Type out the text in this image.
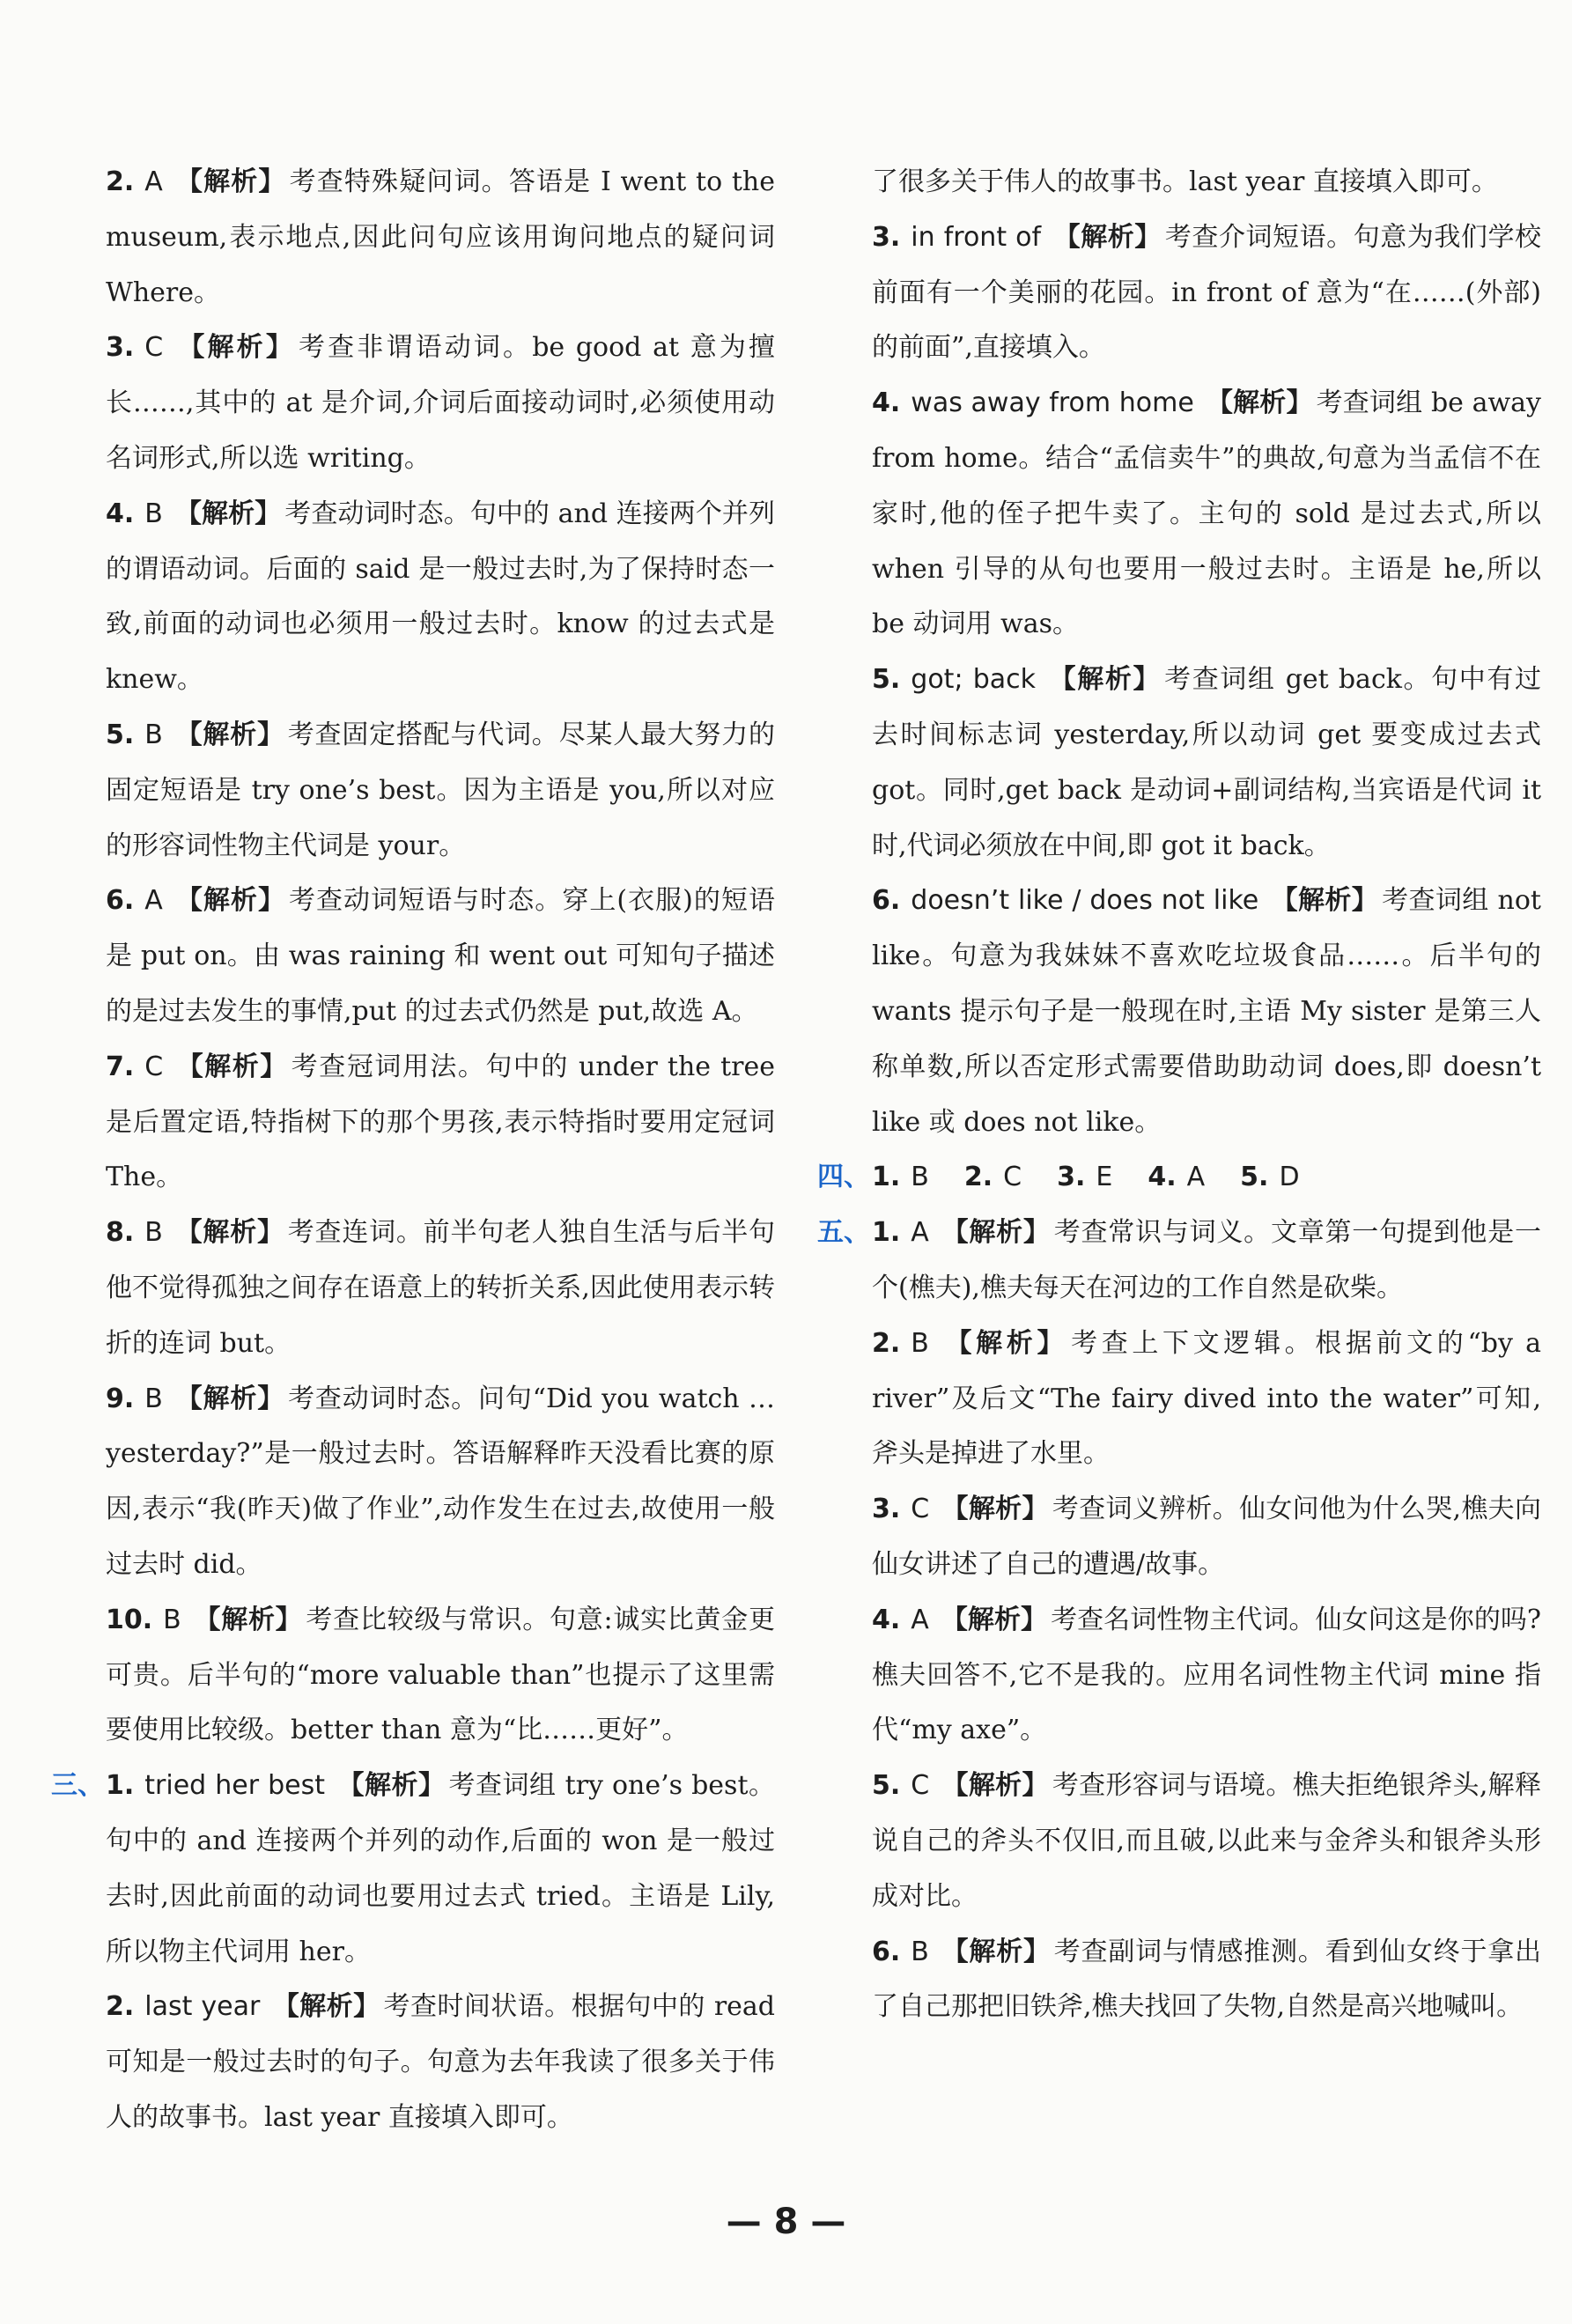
2. A 【解析】 考查特殊疑问词。答语是 I went to the museum,表示地点,因此问句应该用询问地点的疑问词 Where。

3. C 【解析】 考查非谓语动词。be good at 意为擅长……,其中的 at 是介词,介词后面接动词时,必须使用动名词形式,所以选 writing。

4. B 【解析】 考查动词时态。句中的 and 连接两个并列的谓语动词。后面的 said 是一般过去时,为了保持时态一致,前面的动词也必须用一般过去时。know 的过去式是 knew。

5. B 【解析】 考查固定搭配与代词。尽某人最大努力的固定短语是 try one’s best。因为主语是 you,所以对应的形容词性物主代词是 your。

6. A 【解析】 考查动词短语与时态。穿上(衣服)的短语是 put on。由 was raining 和 went out 可知句子描述的是过去发生的事情,put 的过去式仍然是 put,故选 A。

7. C 【解析】 考查冠词用法。句中的 under the tree 是后置定语,特指树下的那个男孩,表示特指时要用定冠词 The。

8. B 【解析】 考查连词。前半句老人独自生活与后半句他不觉得孤独之间存在语意上的转折关系,因此使用表示转折的连词 but。

9. B 【解析】 考查动词时态。问句“Did you watch … yesterday?”是一般过去时。答语解释昨天没看比赛的原因,表示“我(昨天)做了作业”,动作发生在过去,故使用一般过去时 did。

10. B 【解析】 考查比较级与常识。句意:诚实比黄金更可贵。后半句的“more valuable than”也提示了这里需要使用比较级。better than 意为“比……更好”。

三、 1. tried her best 【解析】 考查词组 try one’s best。句中的 and 连接两个并列的动作,后面的 won 是一般过去时,因此前面的动词也要用过去式 tried。主语是 Lily,所以物主代词用 her。

2. last year 【解析】 考查时间状语。根据句中的 read 可知是一般过去时的句子。句意为去年我读了很多关于伟人的故事书。last year 直接填入即可。

了很多关于伟人的故事书。last year 直接填入即可。

3. in front of 【解析】 考查介词短语。句意为我们学校前面有一个美丽的花园。in front of 意为“在……(外部)的前面”,直接填入。

4. was away from home 【解析】 考查词组 be away from home。结合“孟信卖牛”的典故,句意为当孟信不在家时,他的侄子把牛卖了。主句的 sold 是过去式,所以 when 引导的从句也要用一般过去时。主语是 he,所以 be 动词用 was。

5. got; back 【解析】 考查词组 get back。句中有过去时间标志词 yesterday,所以动词 get 要变成过去式 got。同时,get back 是动词+副词结构,当宾语是代词 it 时,代词必须放在中间,即 got it back。

6. doesn’t like / does not like 【解析】 考查词组 not like。句意为我妹妹不喜欢吃垃圾食品……。后半句的 wants 提示句子是一般现在时,主语 My sister 是第三人称单数,所以否定形式需要借助助动词 does,即 doesn’t like 或 does not like。

四、 1. B 2. C 3. E 4. A 5. D

五、 1. A 【解析】 考查常识与词义。文章第一句提到他是一个(樵夫),樵夫每天在河边的工作自然是砍柴。

2. B 【解析】 考查上下文逻辑。根据前文的“by a river”及后文“The fairy dived into the water”可知,斧头是掉进了水里。

3. C 【解析】 考查词义辨析。仙女问他为什么哭,樵夫向仙女讲述了自己的遭遇/故事。

4. A 【解析】 考查名词性物主代词。仙女问这是你的吗?樵夫回答不,它不是我的。应用名词性物主代词 mine 指代“my axe”。

5. C 【解析】 考查形容词与语境。樵夫拒绝银斧头,解释说自己的斧头不仅旧,而且破,以此来与金斧头和银斧头形成对比。

6. B 【解析】 考查副词与情感推测。看到仙女终于拿出了自己那把旧铁斧,樵夫找回了失物,自然是高兴地喊叫。

— 8 —
